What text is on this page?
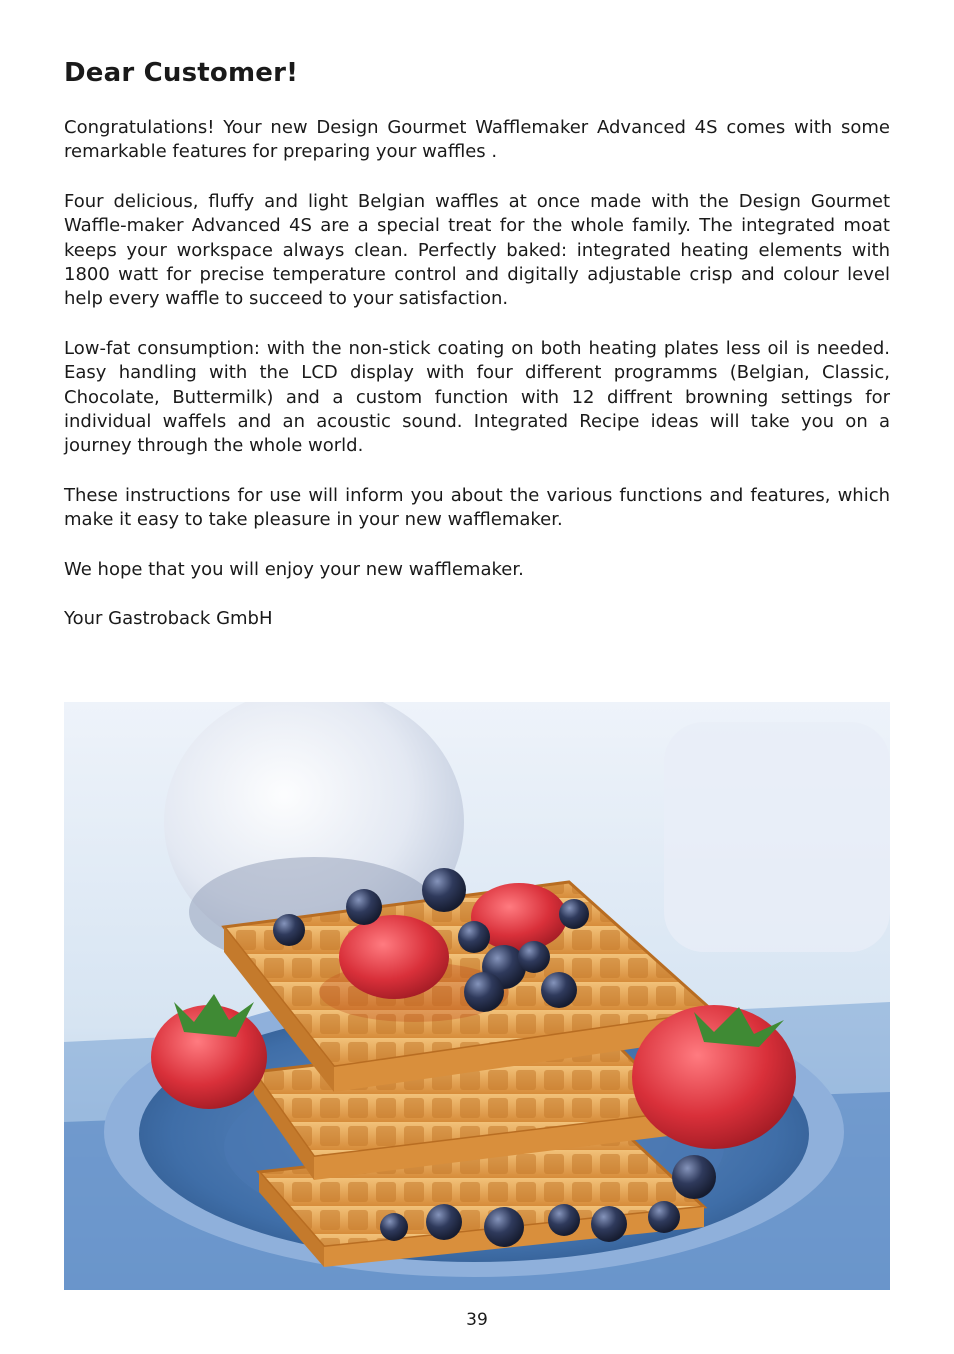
Dear Customer!

Congratulations! Your new Design Gourmet Wafflemaker Advanced 4S comes with some remarkable features for preparing your waffles .

Four delicious, fluffy and light Belgian waffles at once made with the Design Gourmet Waffle-maker Advanced 4S are a special treat for the whole family. The integrated moat keeps your workspace always clean. Perfectly baked: integrated heating elements with 1800 watt for precise temperature control and digitally adjustable crisp and colour level help every waffle to succeed to your satisfaction.

Low-fat consumption: with the non-stick coating on both heating plates less oil is needed. Easy handling with the LCD display with four different programms (Belgian, Classic, Chocolate, Buttermilk) and a custom function with 12 diffrent browning settings for individual waffels and an acoustic sound. Integrated Recipe ideas will take you on a journey through the whole world.

These instructions for use will inform you about the various functions and features, which make it easy to take pleasure in your new wafflemaker.

We hope that you will enjoy your new wafflemaker.

Your Gastroback GmbH

39
